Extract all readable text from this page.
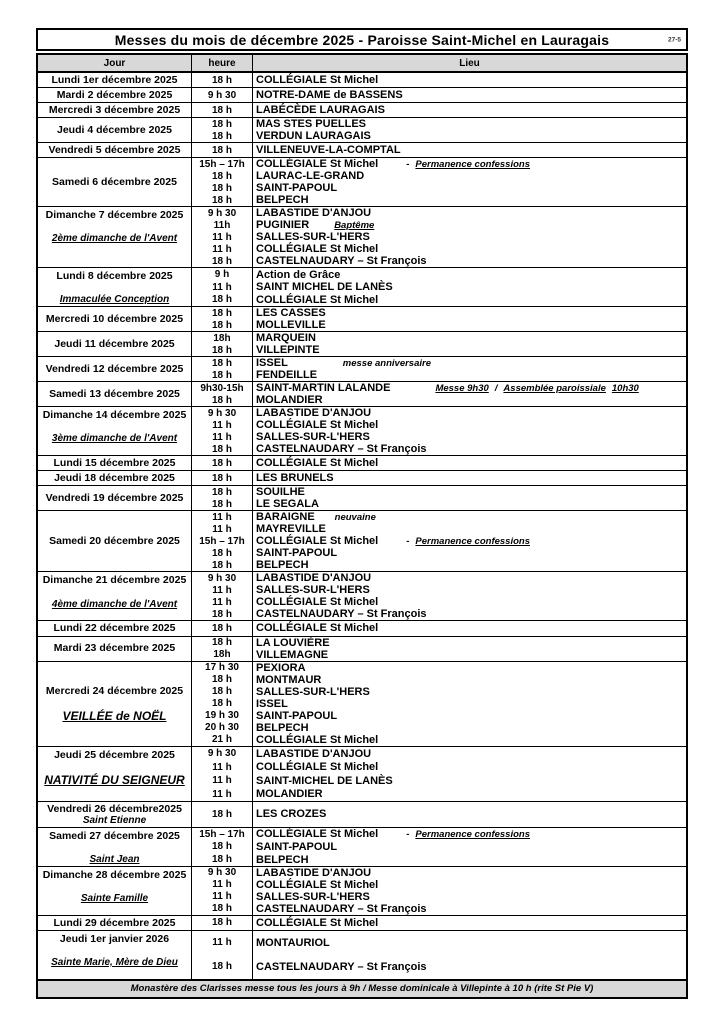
Messes du mois de décembre 2025 - Paroisse Saint-Michel en Lauragais	27-5
Jour	heure	Lieu
Lundi 1er décembre 2025	18 h	COLLÉGIALE St Michel
Mardi 2 décembre 2025	9 h 30	NOTRE-DAME de BASSENS
Mercredi 3 décembre 2025	18 h	LABÉCÈDE LAURAGAIS
Jeudi 4 décembre 2025	18 h	MAS STES PUELLES
18 h	VERDUN LAURAGAIS
Vendredi 5 décembre 2025	18 h	VILLENEUVE-LA-COMPTAL
Samedi 6 décembre 2025
15h – 17h	COLLÉGIALE St Michel	- Permanence confessions
18 h	LAURAC-LE-GRAND
18 h	SAINT-PAPOUL
18 h	BELPECH
Dimanche 7 décembre 2025
2ème dimanche de l'Avent
9 h 30	LABASTIDE D'ANJOU
11h	PUGINIER	Baptême
11 h	SALLES-SUR-L'HERS
11 h	COLLÉGIALE St Michel
18 h	CASTELNAUDARY – St François
Lundi 8 décembre 2025
Immaculée Conception
9 h	Action de Grâce
11 h	SAINT MICHEL DE LANÈS
18 h	COLLÉGIALE St Michel
Mercredi 10 décembre 2025	18 h	LES CASSES
18 h	MOLLEVILLE
Jeudi 11 décembre 2025	18h	MARQUEIN
18 h	VILLEPINTE
Vendredi 12 décembre 2025	18 h	ISSEL	messe anniversaire
18 h	FENDEILLE
Samedi 13 décembre 2025	9h30-15h	SAINT-MARTIN LALANDE	Messe 9h30 / Assemblée paroissiale 10h30
18 h	MOLANDIER
Dimanche 14 décembre 2025
3ème dimanche de l'Avent
9 h 30	LABASTIDE D'ANJOU
11 h	COLLÉGIALE St Michel
11 h	SALLES-SUR-L'HERS
18 h	CASTELNAUDARY – St François
Lundi 15 décembre 2025	18 h	COLLÉGIALE St Michel
Jeudi 18 décembre 2025	18 h	LES BRUNELS
Vendredi 19 décembre 2025	18 h	SOUILHE
18 h	LE SEGALA
Samedi 20 décembre 2025
11 h	BARAIGNE neuvaine
11 h	MAYREVILLE
15h – 17h	COLLÉGIALE St Michel	- Permanence confessions
18 h	SAINT-PAPOUL
18 h	BELPECH
Dimanche 21 décembre 2025
4ème dimanche de l'Avent
9 h 30	LABASTIDE D'ANJOU
11 h	SALLES-SUR-L'HERS
11 h	COLLÉGIALE St Michel
18 h	CASTELNAUDARY – St François
Lundi 22 décembre 2025	18 h	COLLÉGIALE St Michel
Mardi 23 décembre 2025	18 h	LA LOUVIÈRE
18h	VILLEMAGNE
Mercredi 24 décembre 2025
VEILLÉE de NOËL
17 h 30	PEXIORA
18 h	MONTMAUR
18 h	SALLES-SUR-L'HERS
18 h	ISSEL
19 h 30	SAINT-PAPOUL
20 h 30	BELPECH
21 h	COLLÉGIALE St Michel
Jeudi 25 décembre 2025
NATIVITÉ DU SEIGNEUR
9 h 30	LABASTIDE D'ANJOU
11 h	COLLÉGIALE St Michel
11 h	SAINT-MICHEL DE LANÈS
11 h	MOLANDIER
Vendredi 26 décembre2025
Saint Etienne
18 h	LES CROZES
Samedi 27 décembre 2025
Saint Jean
15h – 17h	COLLÉGIALE St Michel	- Permanence confessions
18 h	SAINT-PAPOUL
18 h	BELPECH
Dimanche 28 décembre 2025
Sainte Famille
9 h 30	LABASTIDE D'ANJOU
11 h	COLLÉGIALE St Michel
11 h	SALLES-SUR-L'HERS
18 h	CASTELNAUDARY – St François
Lundi 29 décembre 2025	18 h	COLLÉGIALE St Michel
Jeudi 1er janvier 2026
Sainte Marie, Mère de Dieu
11 h	MONTAURIOL
18 h	CASTELNAUDARY – St François
Monastère des Clarisses messe tous les jours à 9h / Messe dominicale à Villepinte à 10 h (rite St Pie V)
